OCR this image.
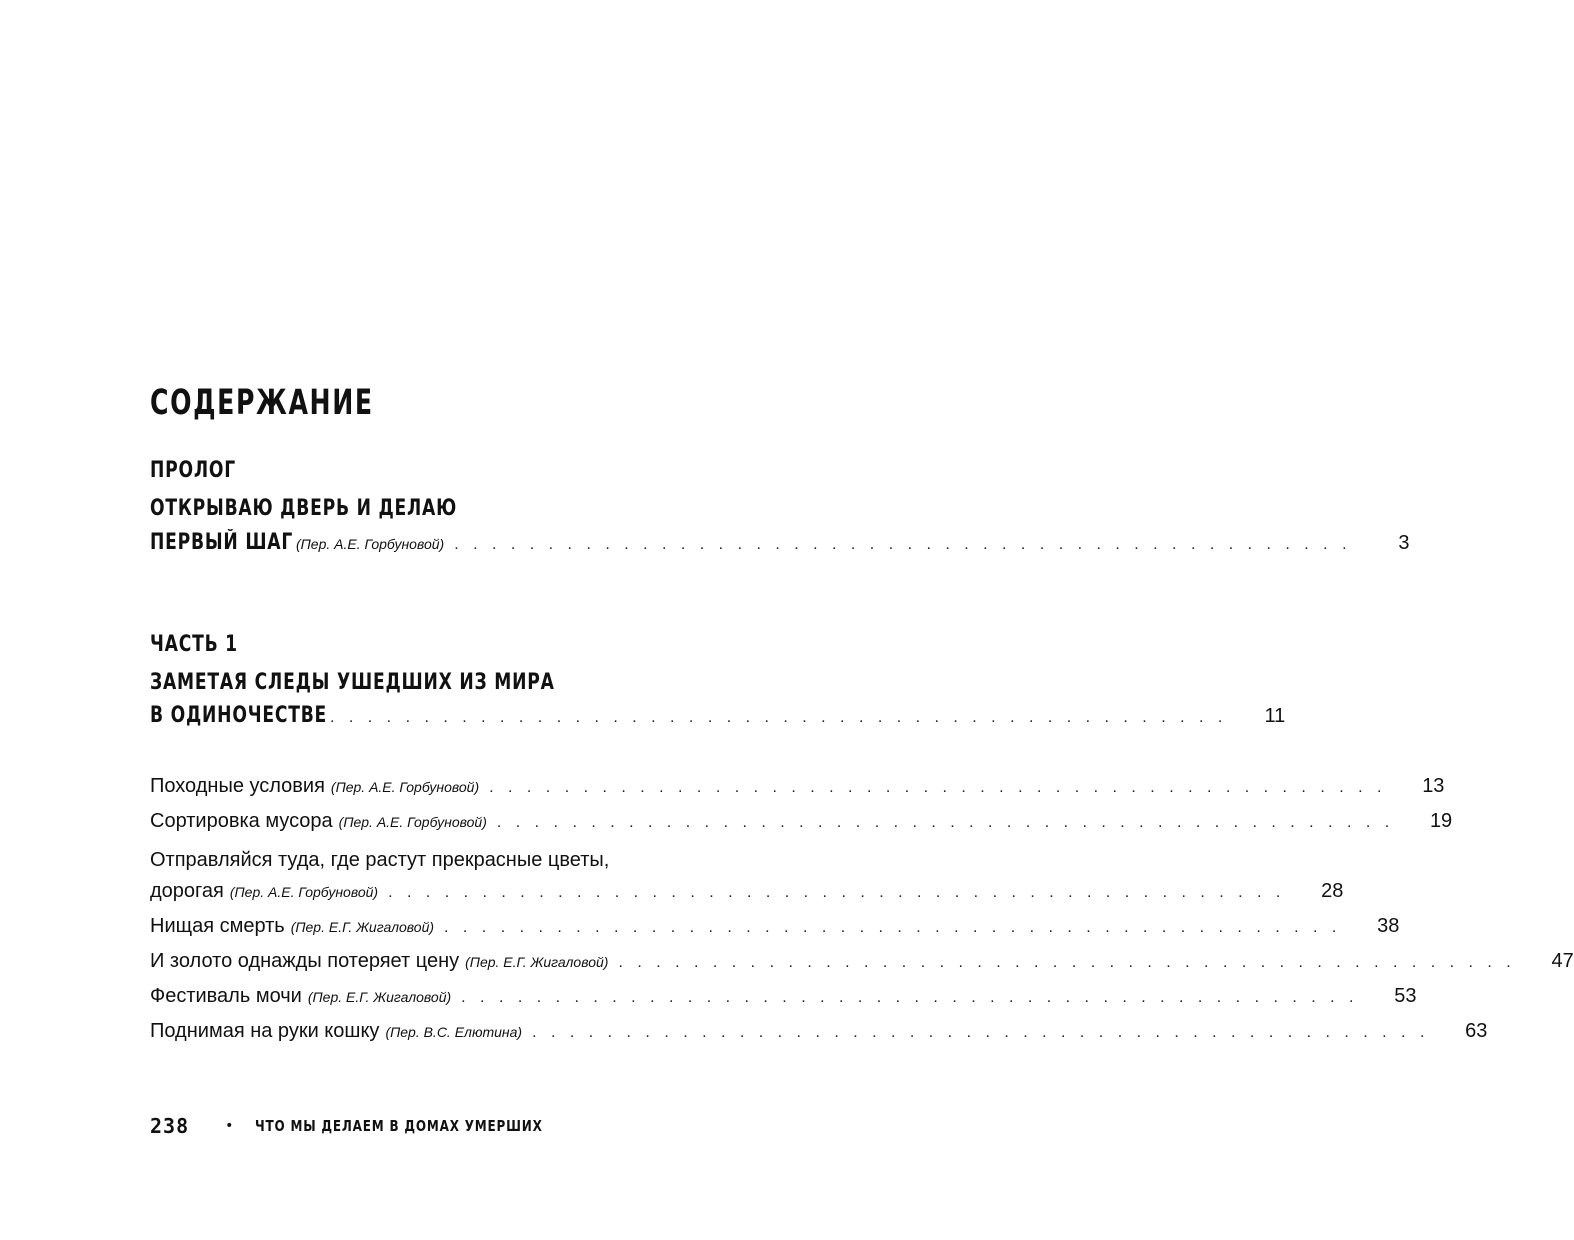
СОДЕРЖАНИЕ
ПРОЛОГ
ОТКРЫВАЮ ДВЕРЬ И ДЕЛАЮ
ПЕРВЫЙ ШАГ (Пер. А.Е. Горбуновой) . . . . . . . . . . . . . . . . . . . . . . . . . . . . . . . . . . . . . . . . . . . . . . . .	3
ЧАСТЬ 1
ЗАМЕТАЯ СЛЕДЫ УШЕДШИХ ИЗ МИРА
В ОДИНОЧЕСТВЕ . . . . . . . . . . . . . . . . . . . . . . . . . . . . . . . . . . . . . . . . . . . . . . . .	11
Походные условия (Пер. А.Е. Горбуновой) . . . . . . . . . . . . . . . . . . . . . . . . . . . . . . . . . . . . . . . . . . . . . . . .	13
Сортировка мусора (Пер. А.Е. Горбуновой) . . . . . . . . . . . . . . . . . . . . . . . . . . . . . . . . . . . . . . . . . . . . . . . .	19
Отправляйся туда, где растут прекрасные цветы,
дорогая (Пер. А.Е. Горбуновой) . . . . . . . . . . . . . . . . . . . . . . . . . . . . . . . . . . . . . . . . . . . . . . . .	28
Нищая смерть (Пер. Е.Г. Жигаловой) . . . . . . . . . . . . . . . . . . . . . . . . . . . . . . . . . . . . . . . . . . . . . . . .	38
И золото однажды потеряет цену (Пер. Е.Г. Жигаловой) . . . . . . . . . . . . . . . . . . . . . . . . . . . . . . . . . . . . . . . . . . . . . . . .	47
Фестиваль мочи (Пер. Е.Г. Жигаловой) . . . . . . . . . . . . . . . . . . . . . . . . . . . . . . . . . . . . . . . . . . . . . . . .	53
Поднимая на руки кошку (Пер. В.С. Елютина) . . . . . . . . . . . . . . . . . . . . . . . . . . . . . . . . . . . . . . . . . . . . . . . .	63
238	• ЧТО МЫ ДЕЛАЕМ В ДОМАХ УМЕРШИХ
